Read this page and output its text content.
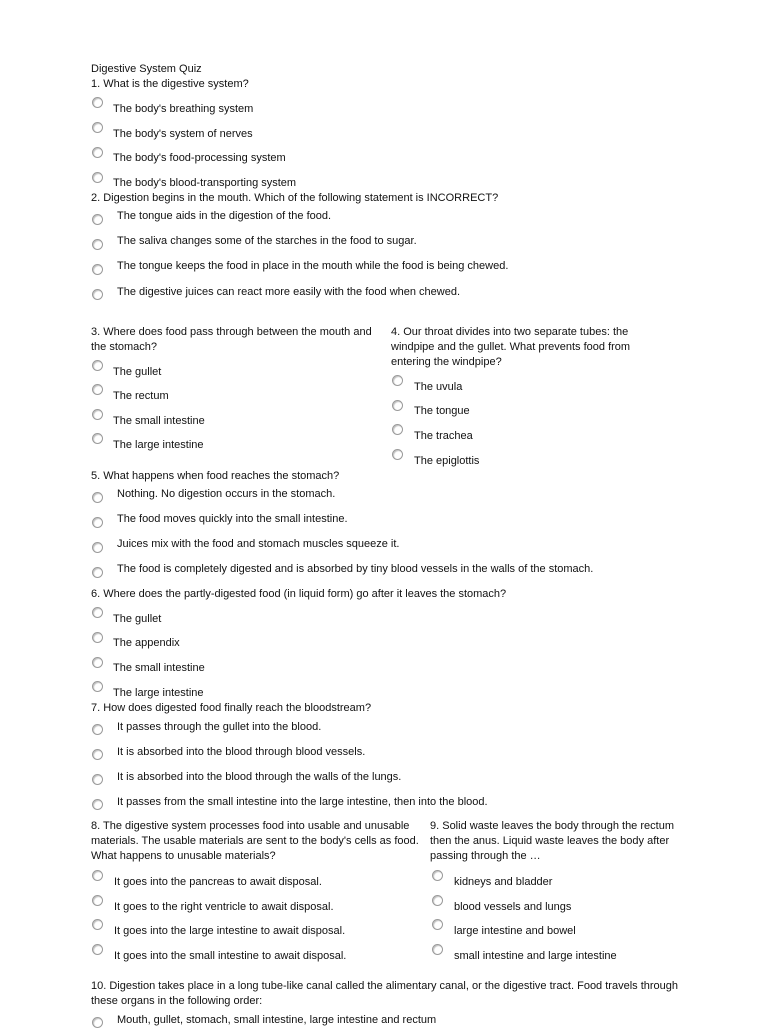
Digestive System Quiz
1. What is the digestive system?
The body's breathing system
The body's system of nerves
The body's food-processing system
The body's blood-transporting system
2. Digestion begins in the mouth. Which of the following statement is INCORRECT?
The tongue aids in the digestion of the food.
The saliva changes some of the starches in the food to sugar.
The tongue keeps the food in place in the mouth while the food is being chewed.
The digestive juices can react more easily with the food when chewed.
3. Where does food pass through between the mouth and the stomach?
The gullet
The rectum
The small intestine
The large intestine
4. Our throat divides into two separate tubes: the windpipe and the gullet. What prevents food from entering the windpipe?
The uvula
The tongue
The trachea
The epiglottis
5. What happens when food reaches the stomach?
Nothing. No digestion occurs in the stomach.
The food moves quickly into the small intestine.
Juices mix with the food and stomach muscles squeeze it.
The food is completely digested and is absorbed by tiny blood vessels in the walls of the stomach.
6. Where does the partly-digested food (in liquid form) go after it leaves the stomach?
The gullet
The appendix
The small intestine
The large intestine
7. How does digested food finally reach the bloodstream?
It passes through the gullet into the blood.
It is absorbed into the blood through blood vessels.
It is absorbed into the blood through the walls of the lungs.
It passes from the small intestine into the large intestine, then into the blood.
8. The digestive system processes food into usable and unusable materials. The usable materials are sent to the body's cells as food. What happens to unusable materials?
It goes into the pancreas to await disposal.
It goes to the right ventricle to await disposal.
It goes into the large intestine to await disposal.
It goes into the small intestine to await disposal.
9. Solid waste leaves the body through the rectum then the anus. Liquid waste leaves the body after passing through the …
kidneys and bladder
blood vessels and lungs
large intestine and bowel
small intestine and large intestine
10. Digestion takes place in a long tube-like canal called the alimentary canal, or the digestive tract. Food travels through these organs in the following order:
Mouth, gullet, stomach, small intestine, large intestine and rectum
